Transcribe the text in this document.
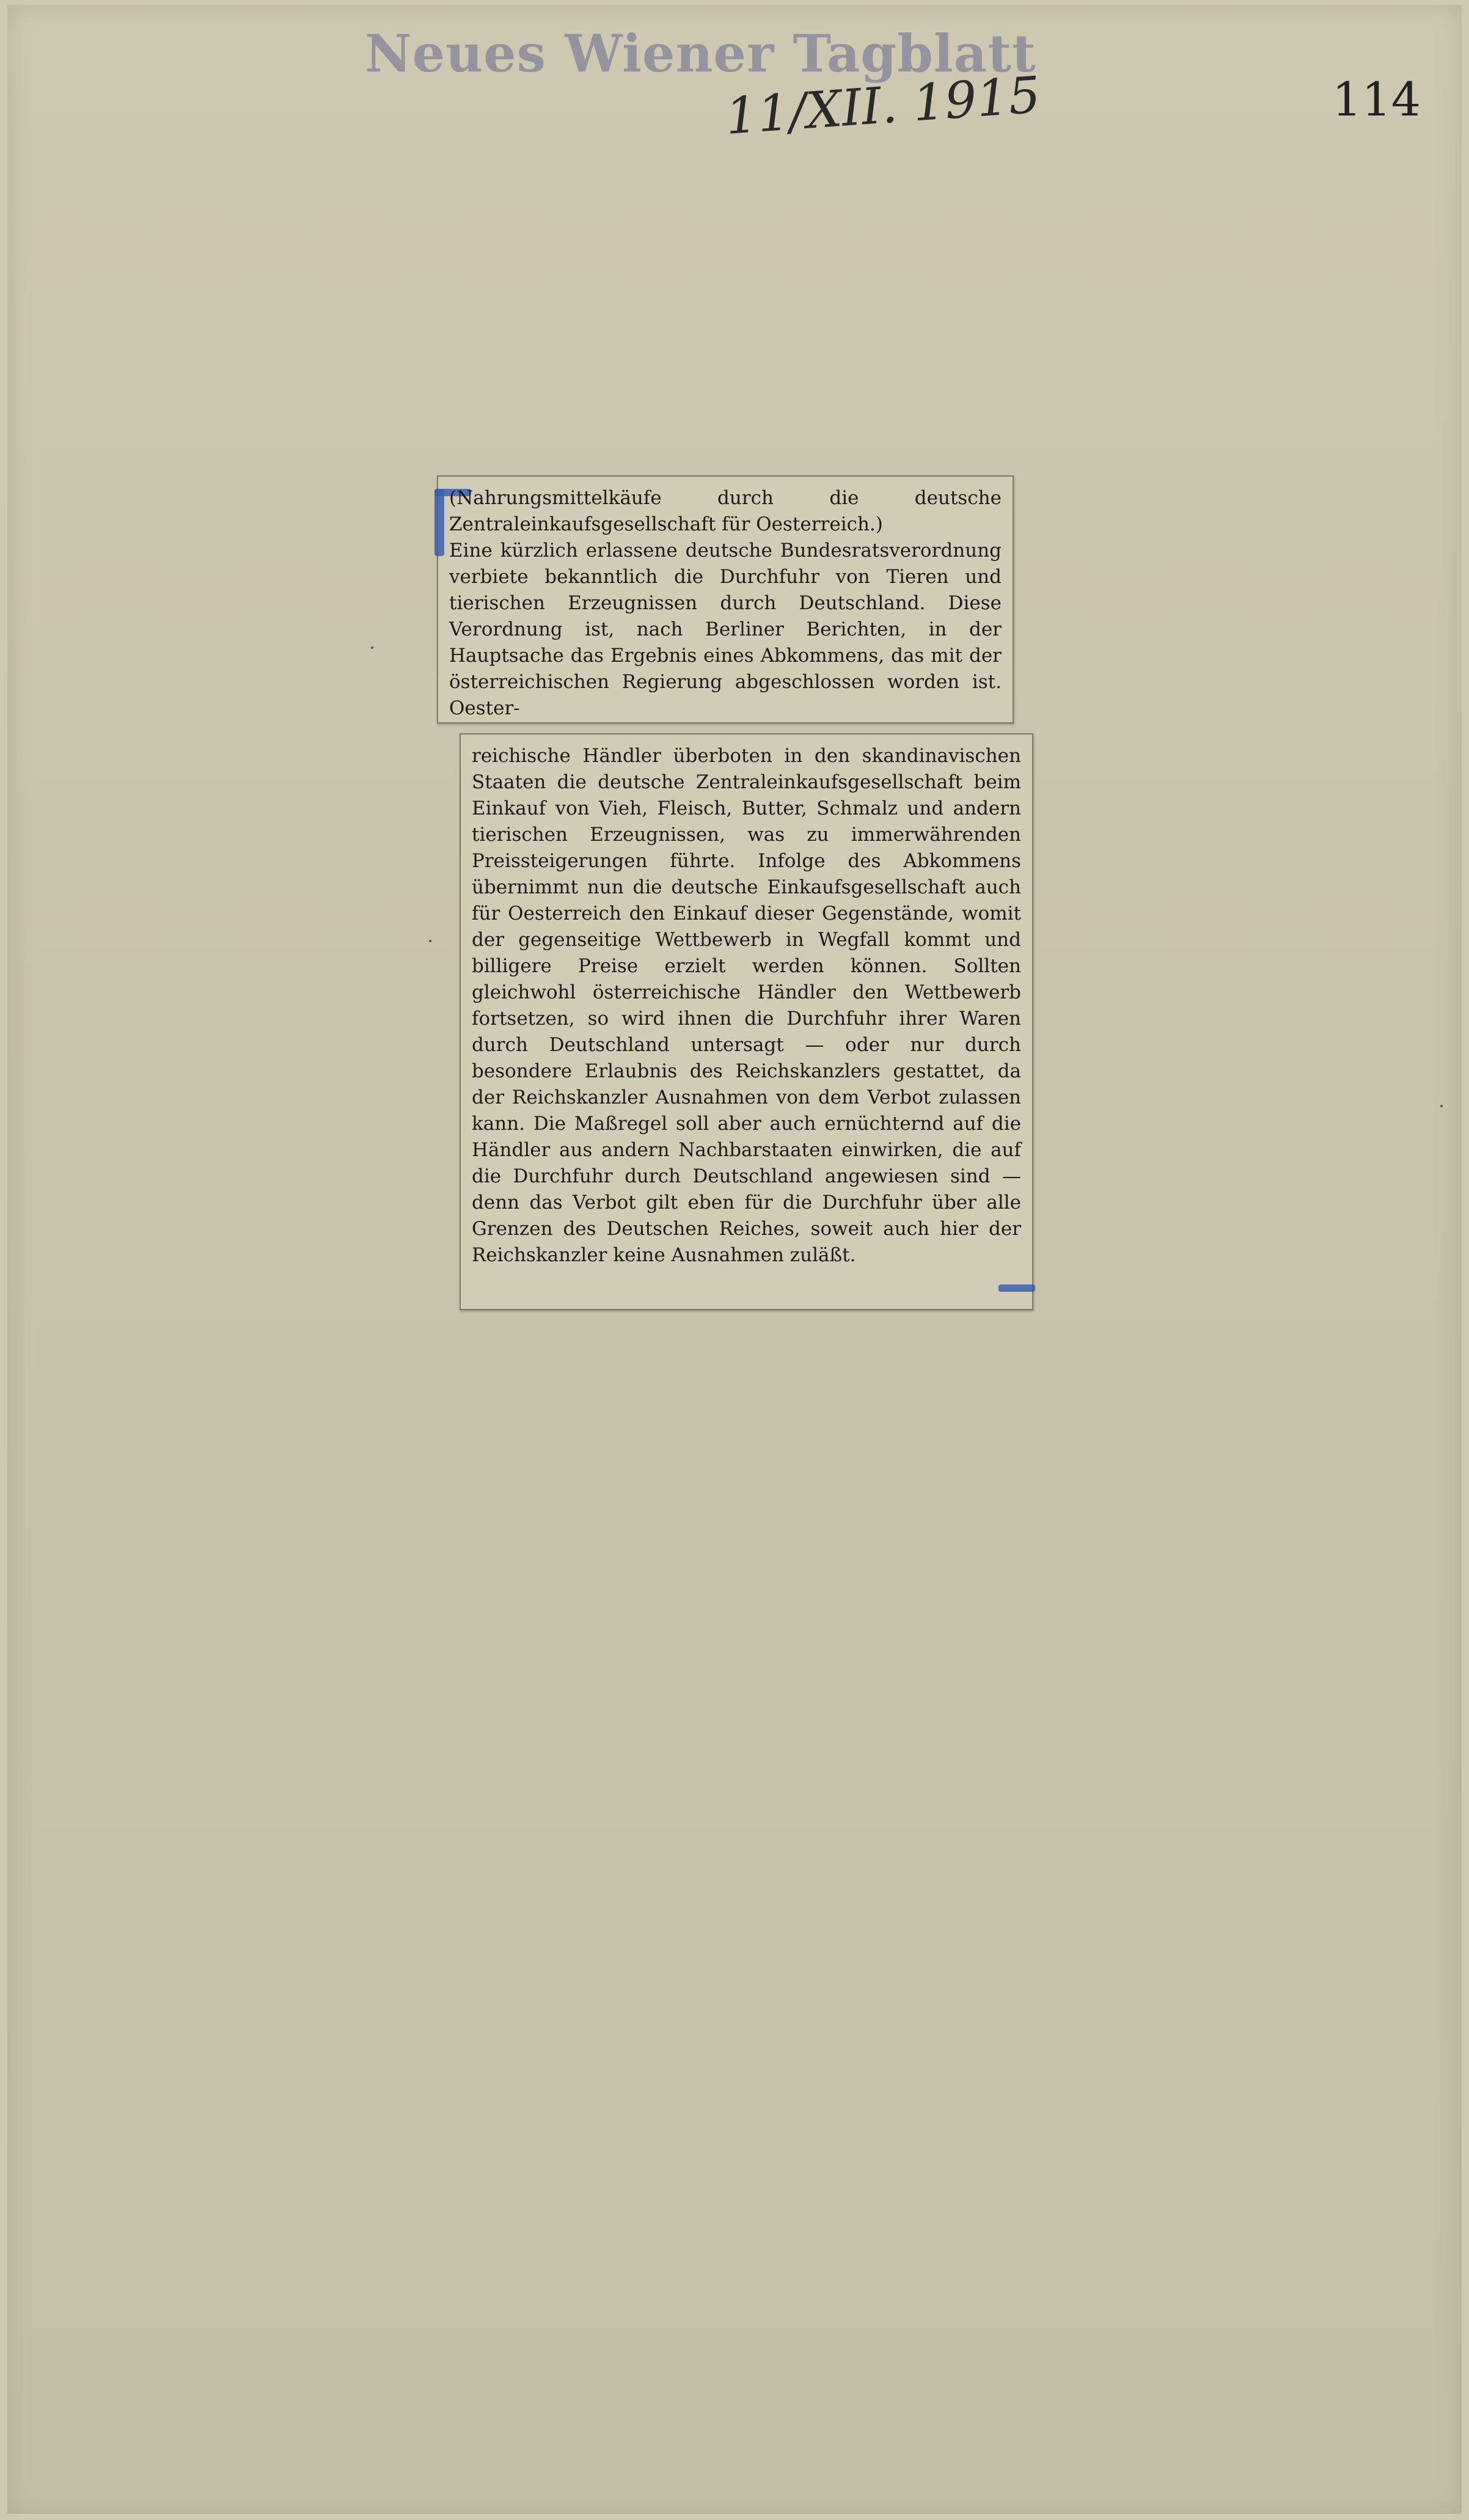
Neues Wiener Tagblatt
11/XII. 1915	114
(Nahrungsmittelkäufe durch die deutsche Zentraleinkaufsgesellschaft für Oesterreich.)
Eine kürzlich erlassene deutsche Bundesratsverordnung verbiete bekanntlich die Durchfuhr von Tieren und tierischen Erzeugnissen durch Deutschland. Diese Verordnung ist, nach Berliner Berichten, in der Hauptsache das Ergebnis eines Abkommens, das mit der österreichischen Regierung abgeschlossen worden ist. Oester-
reichische Händler überboten in den skandinavischen Staaten die deutsche Zentraleinkaufsgesellschaft beim Einkauf von Vieh, Fleisch, Butter, Schmalz und andern tierischen Erzeugnissen, was zu immerwährenden Preissteigerungen führte. Infolge des Abkommens übernimmt nun die deutsche Einkaufsgesellschaft auch für Oesterreich den Einkauf dieser Gegenstände, womit der gegenseitige Wettbewerb in Wegfall kommt und billigere Preise erzielt werden können. Sollten gleichwohl österreichische Händler den Wettbewerb fortsetzen, so wird ihnen die Durchfuhr ihrer Waren durch Deutschland untersagt — oder nur durch besondere Erlaubnis des Reichskanzlers gestattet, da der Reichskanzler Ausnahmen von dem Verbot zulassen kann. Die Maßregel soll aber auch ernüchternd auf die Händler aus andern Nachbarstaaten einwirken, die auf die Durchfuhr durch Deutschland angewiesen sind — denn das Verbot gilt eben für die Durchfuhr über alle Grenzen des Deutschen Reiches, soweit auch hier der Reichskanzler keine Ausnahmen zuläßt.
